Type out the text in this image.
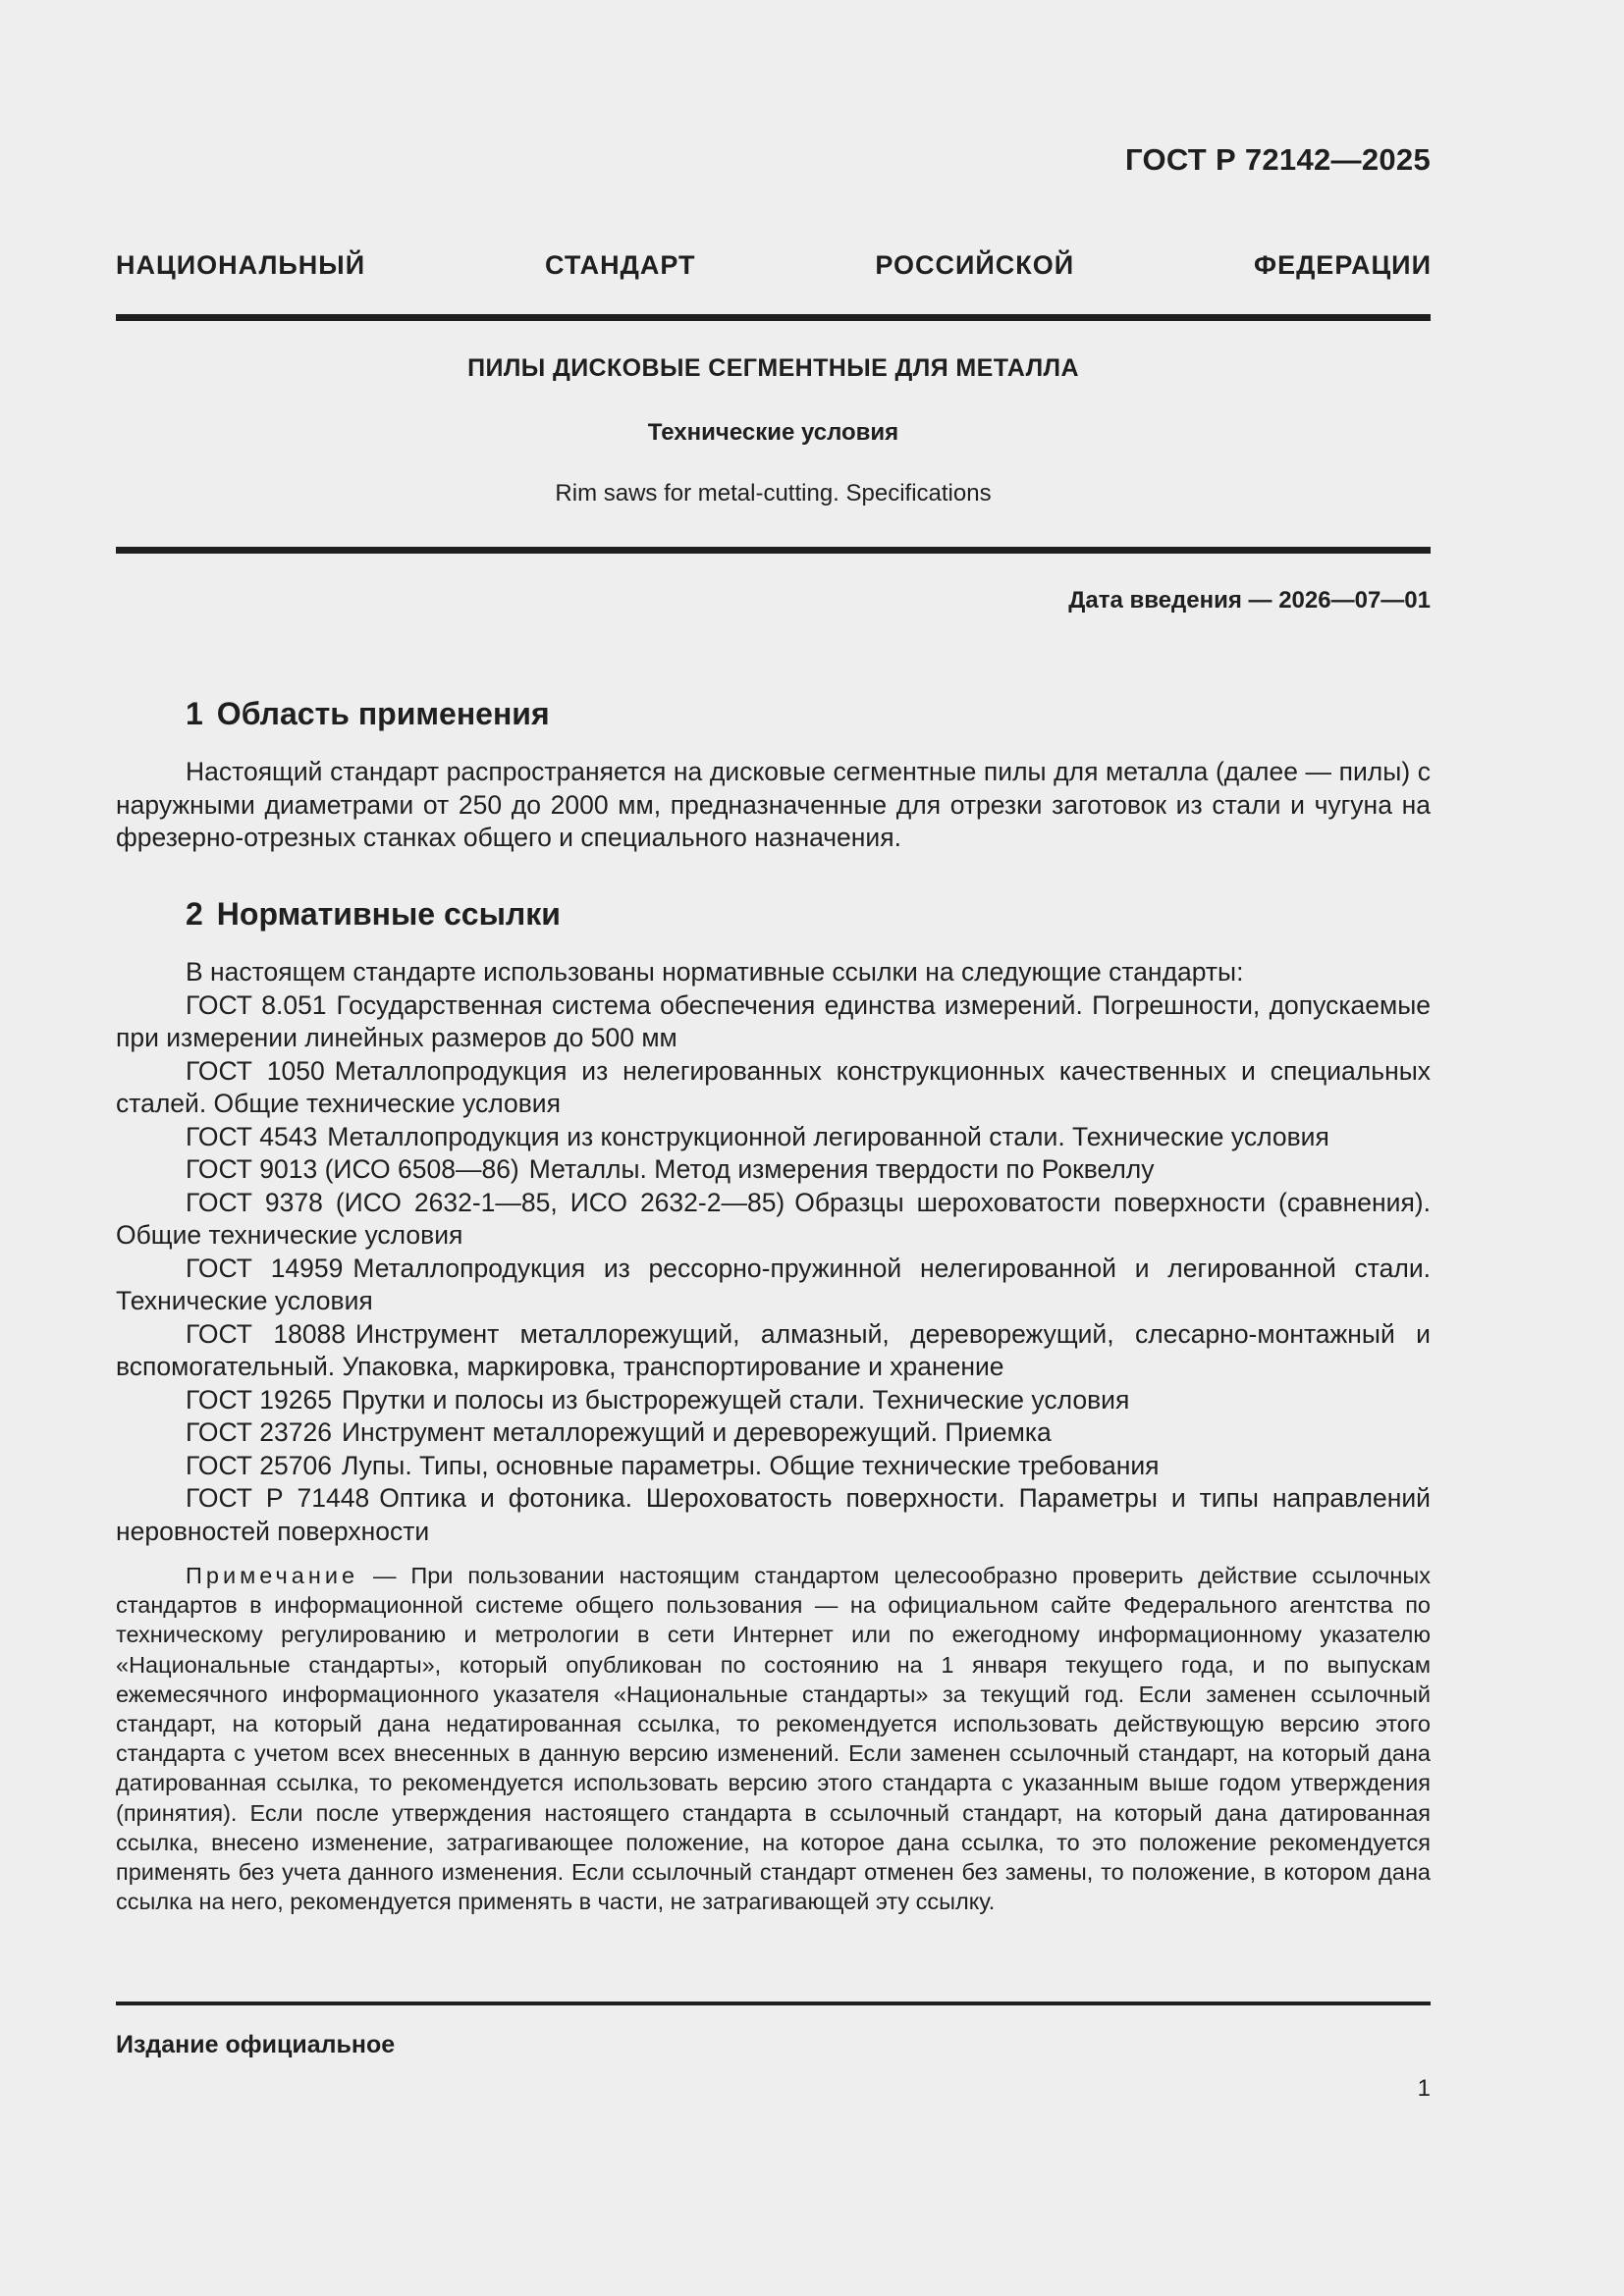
ГОСТ Р 72142—2025
НАЦИОНАЛЬНЫЙ СТАНДАРТ РОССИЙСКОЙ ФЕДЕРАЦИИ
ПИЛЫ ДИСКОВЫЕ СЕГМЕНТНЫЕ ДЛЯ МЕТАЛЛА
Технические условия
Rim saws for metal-cutting. Specifications
Дата введения — 2026—07—01
1 Область применения

Настоящий стандарт распространяется на дисковые сегментные пилы для металла (далее — пилы) с наружными диаметрами от 250 до 2000 мм, предназначенные для отрезки заготовок из стали и чугуна на фрезерно-отрезных станках общего и специального назначения.

2 Нормативные ссылки
В настоящем стандарте использованы нормативные ссылки на следующие стандарты:
ГОСТ 8.051 Государственная система обеспечения единства измерений. Погрешности, допускаемые при измерении линейных размеров до 500 мм
ГОСТ 1050 Металлопродукция из нелегированных конструкционных качественных и специальных сталей. Общие технические условия
ГОСТ 4543 Металлопродукция из конструкционной легированной стали. Технические условия
ГОСТ 9013 (ИСО 6508—86) Металлы. Метод измерения твердости по Роквеллу
ГОСТ 9378 (ИСО 2632-1—85, ИСО 2632-2—85) Образцы шероховатости поверхности (сравнения). Общие технические условия
ГОСТ 14959 Металлопродукция из рессорно-пружинной нелегированной и легированной стали. Технические условия
ГОСТ 18088 Инструмент металлорежущий, алмазный, дереворежущий, слесарно-монтажный и вспомогательный. Упаковка, маркировка, транспортирование и хранение
ГОСТ 19265 Прутки и полосы из быстрорежущей стали. Технические условия
ГОСТ 23726 Инструмент металлорежущий и дереворежущий. Приемка
ГОСТ 25706 Лупы. Типы, основные параметры. Общие технические требования
ГОСТ Р 71448 Оптика и фотоника. Шероховатость поверхности. Параметры и типы направлений неровностей поверхности
Примечание — При пользовании настоящим стандартом целесообразно проверить действие ссылочных стандартов в информационной системе общего пользования — на официальном сайте Федерального агентства по техническому регулированию и метрологии в сети Интернет или по ежегодному информационному указателю «Национальные стандарты», который опубликован по состоянию на 1 января текущего года, и по выпускам ежемесячного информационного указателя «Национальные стандарты» за текущий год. Если заменен ссылочный стандарт, на который дана недатированная ссылка, то рекомендуется использовать действующую версию этого стандарта с учетом всех внесенных в данную версию изменений. Если заменен ссылочный стандарт, на который дана датированная ссылка, то рекомендуется использовать версию этого стандарта с указанным выше годом утверждения (принятия). Если после утверждения настоящего стандарта в ссылочный стандарт, на который дана датированная ссылка, внесено изменение, затрагивающее положение, на которое дана ссылка, то это положение рекомендуется применять без учета данного изменения. Если ссылочный стандарт отменен без замены, то положение, в котором дана ссылка на него, рекомендуется применять в части, не затрагивающей эту ссылку.
Издание официальное
1
